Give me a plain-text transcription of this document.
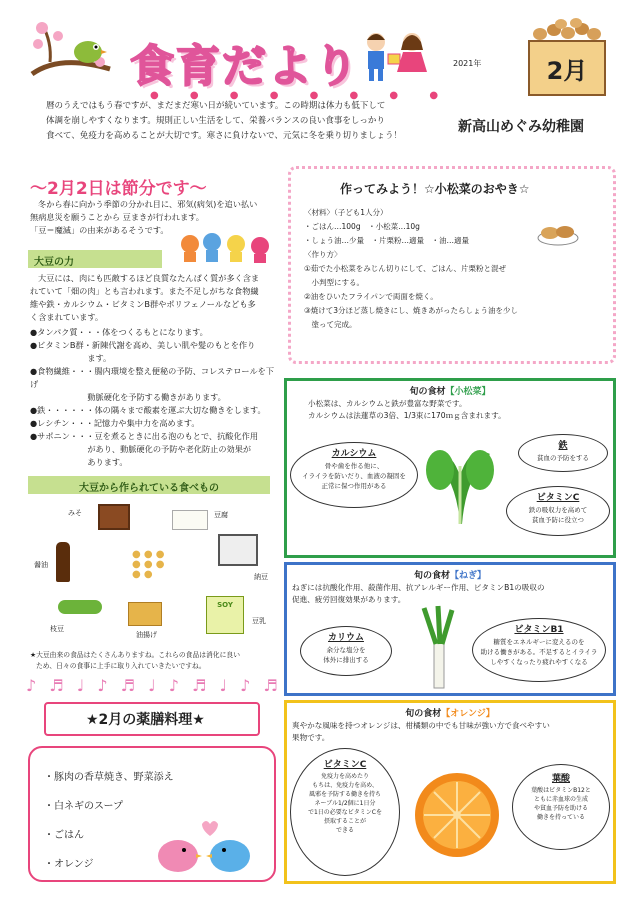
食育だより	2021年	2月
● ● ● ● ● ● ● ●

暦のうえではもう春ですが、まだまだ寒い日が続いています。この時期は体力も低下して

体調を崩しやすくなります。規則正しい生活をして、栄養バランスの良い食事をしっかり

食べて、免疫力を高めることが大切です。寒さに負けないで、元気に冬を乗り切りましょう！

新高山めぐみ幼稚園
～2月2日は節分です～
冬から春に向かう季節の分かれ目に、邪気(病気)を追い払い
無病息災を願うことから 豆まきが行われます。
「豆＝魔滅」の由来があるそうです。
大豆の力
大豆には、肉にも匹敵するほど良質なたんぱく質が多く含ま
れていて「畑の肉」とも言われます。また不足しがちな食物繊
維や鉄・カルシウム・ビタミンB群やポリフェノールなども多
く含まれています。
●タンパク質・・・体をつくるもとになります。
●ビタミンB群・新陳代謝を高め、美しい肌や髪のもとを作り
　　　　　　　ます。
●食物繊維・・・腸内環境を整え便秘の予防、コレステロールを下げ
　　　　　　　動脈硬化を予防する働きがあります。
●鉄・・・・・・体の隅々まで酸素を運ぶ大切な働きをします。
●レシチン・・・記憶力や集中力を高めます。
●サポニン・・・豆を煮るときに出る泡のもとで、抗酸化作用
　　　　　　　があり、動脈硬化の予防や老化防止の効果が
　　　　　　　あります。
大豆から作られている食べもの
みそ	豆腐
醤油
● ● ●
● ● ●
● ●	納豆
枝豆
油揚げ
豆乳
SOY
★大豆由来の食品はたくさんありますね。これらの食品は消化に良い
ため、日々の食事に上手に取り入れていきたいですね。
♪ ♬ ♩ ♪ ♬ ♩ ♪ ♬ ♩ ♪ ♬
★2月の薬膳料理★
・豚肉の香草焼き、野菜添え
・白ネギのスープ
・ごはん
・オレンジ
作ってみよう！☆小松菜のおやき☆
〈材料〉（子ども1人分）
・ごはん…100g　・小松菜…10g
・しょう油…少量　・片栗粉…適量　・油…適量
〈作り方〉
①茹でた小松菜をみじん切りにして、ごはん、片栗粉と混ぜ
　小判型にする。
②油をひいたフライパンで両面を焼く。
③焼けて3分ほど蒸し焼きにし、焼きあがったらしょう油を少し
　塗って完成。
旬の食材【小松菜】
小松菜は、カルシウムと鉄が豊富な野菜です。
カルシウムは法蓮草の3倍、1/3束に170ｍｇ含まれます。
カルシウム
骨や歯を作る他に、
イライラを防いだり、血液の凝固を
正常に保つ作用がある
鉄
貧血の予防をする
ビタミンC
鉄の吸収力を高めて
貧血予防に役立つ
旬の食材【ねぎ】
ねぎには抗酸化作用、殺菌作用、抗アレルギー作用、ビタミンB1の吸収の
促進、疲労回復効果があります。
カリウム
余分な塩分を
体外に排出する
ビタミンB1
糖質をエネルギーに変えるのを
助ける働きがある。不足するとイライラ
しやすくなったり疲れやすくなる
旬の食材【オレンジ】
爽やかな風味を持つオレンジは、柑橘類の中でも甘味が強い方で食べやすい
果物です。
ビタミンC
免疫力を高めたり
もちは、免疫力を高め、
風邪を予防する働きを持ち
ネーブル1/2個に1日分
で1日の必要なビタミンCを
摂取することが
できる
葉酸
葉酸はビタミンB12と
ともに赤血球の生成
や貧血予防を助ける
働きを持っている
